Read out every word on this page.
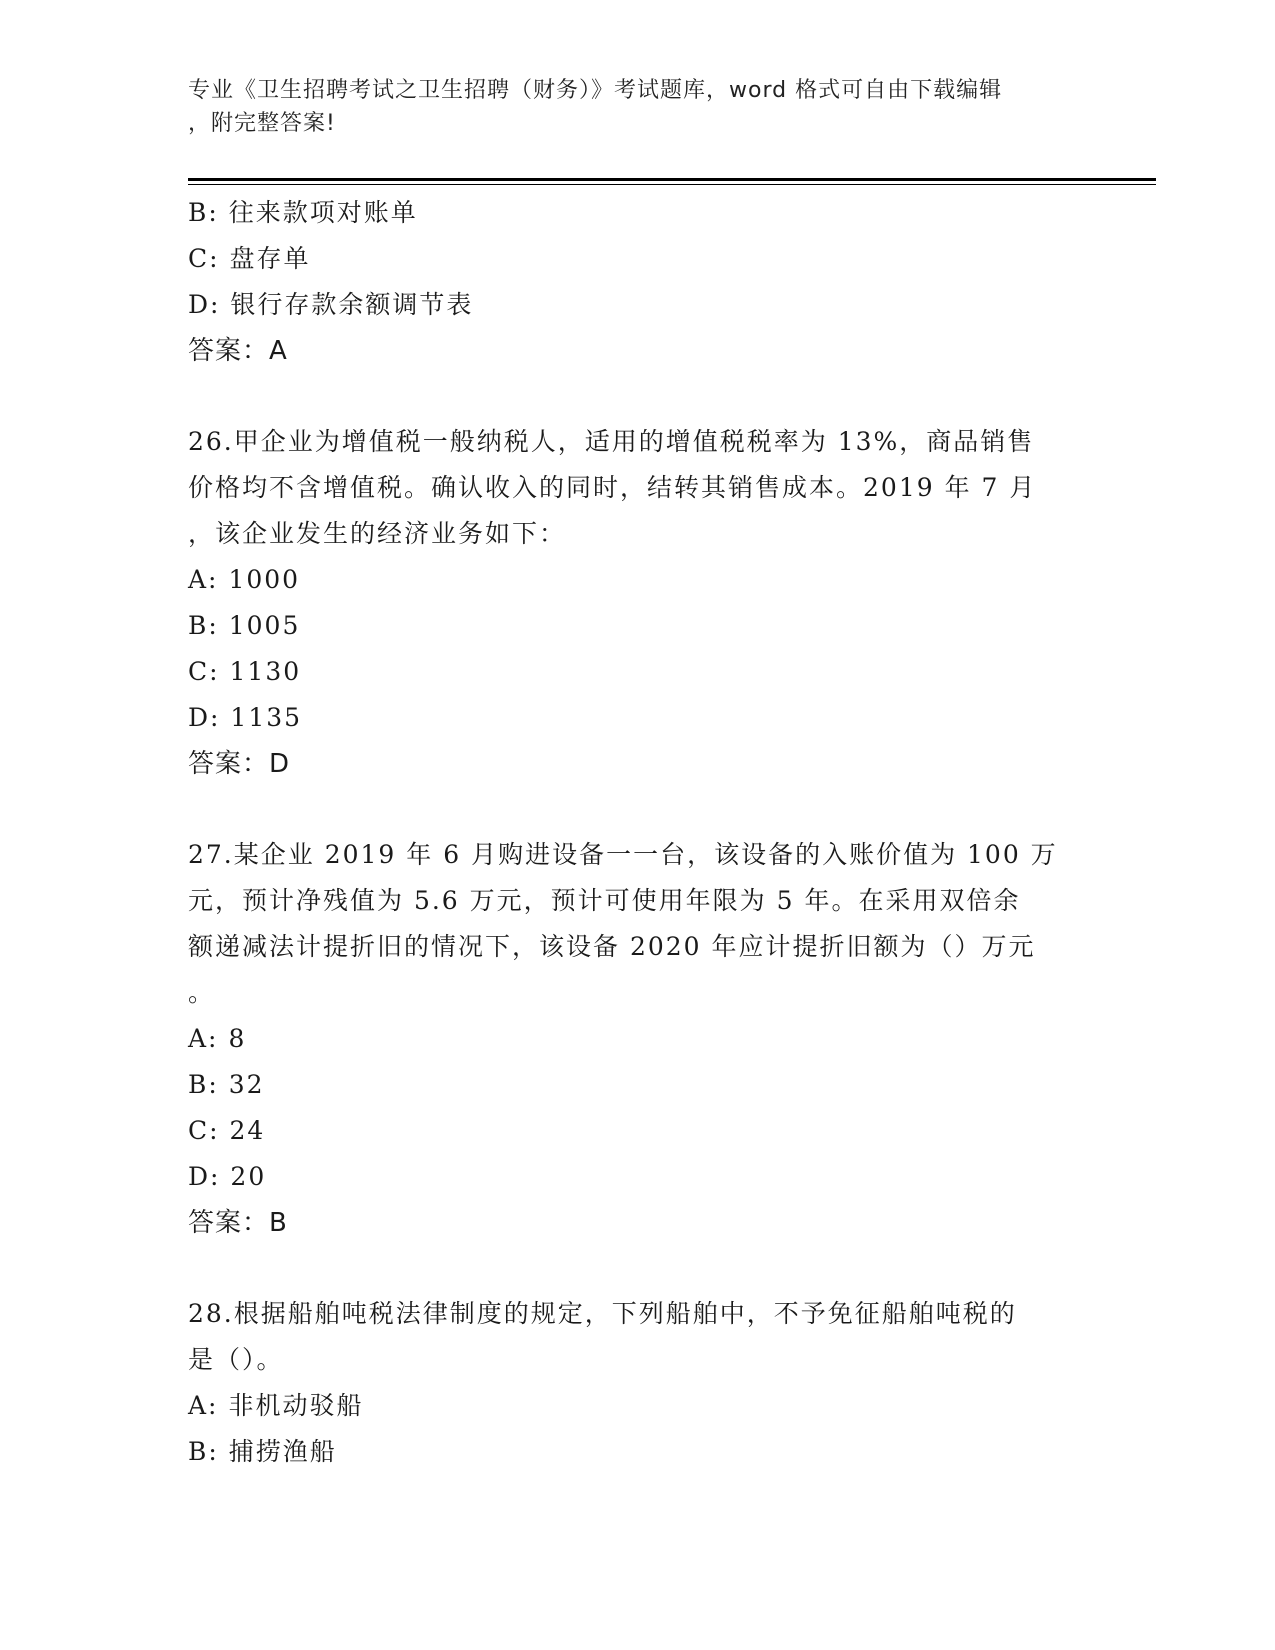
专业《卫生招聘考试之卫生招聘（财务）》考试题库，word 格式可自由下载编辑
，附完整答案!
B: 往来款项对账单
C: 盘存单
D: 银行存款余额调节表
答案：A
26.甲企业为增值税一般纳税人，适用的增值税税率为 13%，商品销售
价格均不含增值税。确认收入的同时，结转其销售成本。2019 年 7 月
，该企业发生的经济业务如下：
A: 1000
B: 1005
C: 1130
D: 1135
答案：D
27.某企业 2019 年 6 月购进设备一一台，该设备的入账价值为 100 万
元，预计净残值为 5.6 万元，预计可使用年限为 5 年。在采用双倍余
额递减法计提折旧的情况下，该设备 2020 年应计提折旧额为（）万元
。
A: 8
B: 32
C: 24
D: 20
答案：B
28.根据船舶吨税法律制度的规定，下列船舶中，不予免征船舶吨税的
是（）。
A: 非机动驳船
B: 捕捞渔船
